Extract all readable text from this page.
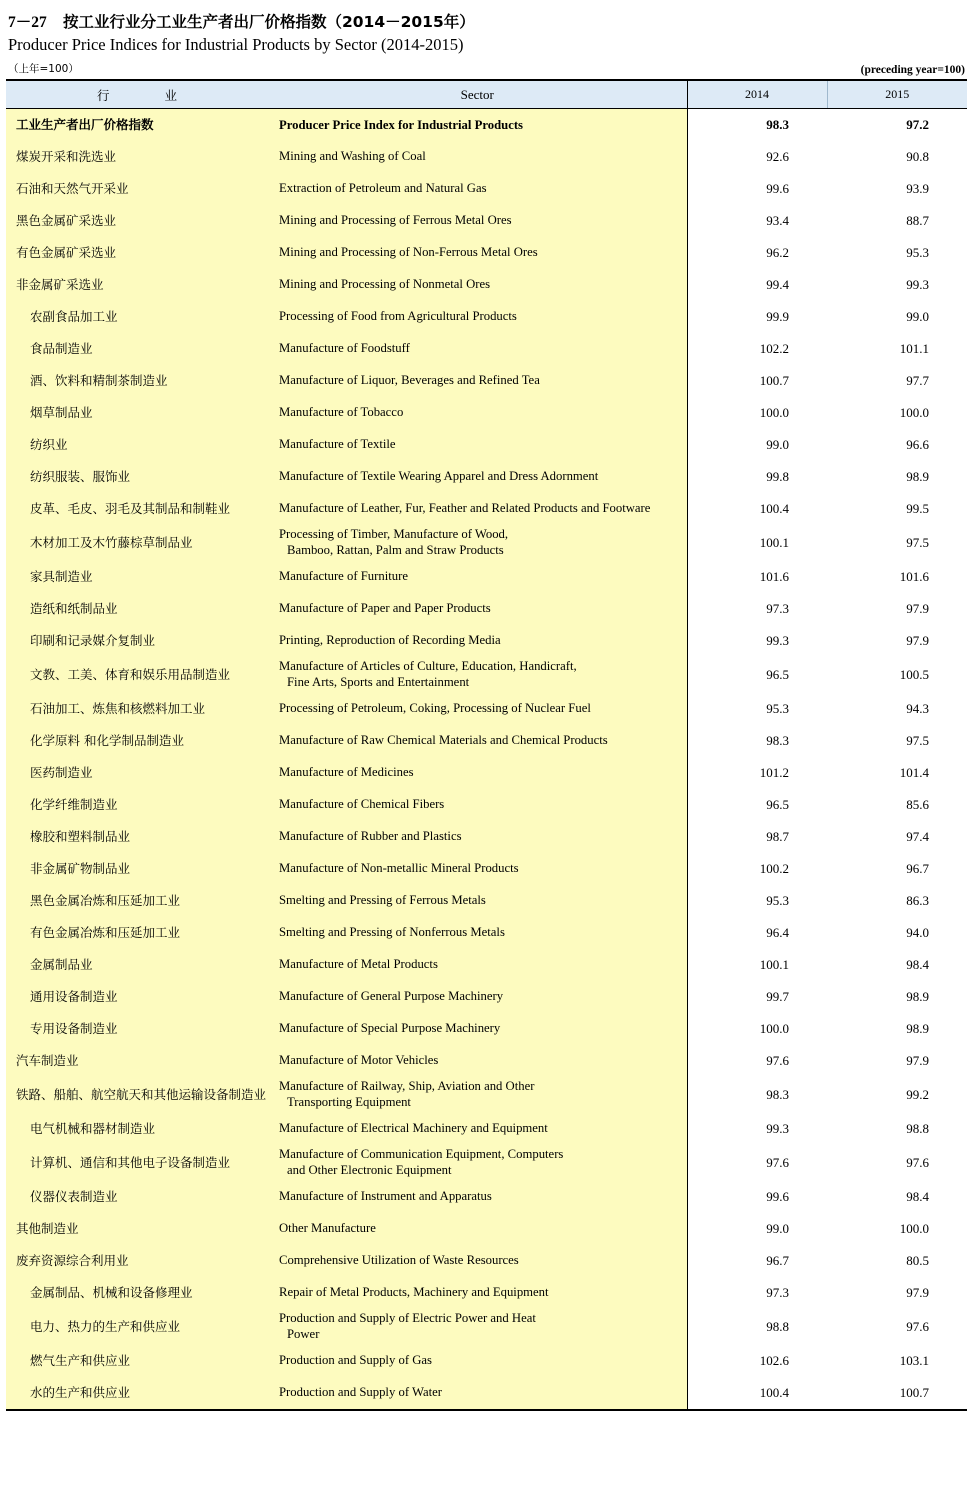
7－27 按工业行业分工业生产者出厂价格指数（2014－2015年）
Producer Price Indices for Industrial Products by Sector (2014-2015)
（上年=100）	(preceding year=100)
行　　业	Sector	2014	2015
工业生产者出厂价格指数	Producer Price Index for Industrial Products	98.3	97.2
煤炭开采和洗选业	Mining and Washing of Coal	92.6	90.8
石油和天然气开采业	Extraction of Petroleum and Natural Gas	99.6	93.9
黑色金属矿采选业	Mining and Processing of Ferrous Metal Ores	93.4	88.7
有色金属矿采选业	Mining and Processing of Non-Ferrous Metal Ores	96.2	95.3
非金属矿采选业	Mining and Processing of Nonmetal Ores	99.4	99.3
农副食品加工业	Processing of Food from Agricultural Products	99.9	99.0
食品制造业	Manufacture of Foodstuff	102.2	101.1
酒、饮料和精制茶制造业	Manufacture of Liquor, Beverages and Refined Tea	100.7	97.7
烟草制品业	Manufacture of Tobacco	100.0	100.0
纺织业	Manufacture of Textile	99.0	96.6
纺织服装、服饰业	Manufacture of Textile Wearing Apparel and Dress Adornment	99.8	98.9
皮革、毛皮、羽毛及其制品和制鞋业	Manufacture of Leather, Fur, Feather and Related Products and Footware	100.4	99.5
木材加工及木竹藤棕草制品业	Processing of Timber, Manufacture of Wood,
Bamboo, Rattan, Palm and Straw Products	100.1	97.5
家具制造业	Manufacture of Furniture	101.6	101.6
造纸和纸制品业	Manufacture of Paper and Paper Products	97.3	97.9
印刷和记录媒介复制业	Printing, Reproduction of Recording Media	99.3	97.9
文教、工美、体育和娱乐用品制造业	Manufacture of Articles of Culture, Education, Handicraft,
Fine Arts, Sports and Entertainment	96.5	100.5
石油加工、炼焦和核燃料加工业	Processing of Petroleum, Coking, Processing of Nuclear Fuel	95.3	94.3
化学原料 和化学制品制造业	Manufacture of Raw Chemical Materials and Chemical Products	98.3	97.5
医药制造业	Manufacture of Medicines	101.2	101.4
化学纤维制造业	Manufacture of Chemical Fibers	96.5	85.6
橡胶和塑料制品业	Manufacture of Rubber and Plastics	98.7	97.4
非金属矿物制品业	Manufacture of Non-metallic Mineral Products	100.2	96.7
黑色金属冶炼和压延加工业	Smelting and Pressing of Ferrous Metals	95.3	86.3
有色金属冶炼和压延加工业	Smelting and Pressing of Nonferrous Metals	96.4	94.0
金属制品业	Manufacture of Metal Products	100.1	98.4
通用设备制造业	Manufacture of General Purpose Machinery	99.7	98.9
专用设备制造业	Manufacture of Special Purpose Machinery	100.0	98.9
汽车制造业	Manufacture of Motor Vehicles	97.6	97.9

铁路、船舶、航空航天和其他运输设备制造业	Manufacture of Railway, Ship, Aviation and Other
Transporting Equipment	98.3	99.2
电气机械和器材制造业	Manufacture of Electrical Machinery and Equipment	99.3	98.8
计算机、通信和其他电子设备制造业	Manufacture of Communication Equipment, Computers
and Other Electronic Equipment	97.6	97.6
仪器仪表制造业	Manufacture of Instrument and Apparatus	99.6	98.4
其他制造业	Other Manufacture	99.0	100.0
废弃资源综合利用业	Comprehensive Utilization of Waste Resources	96.7	80.5
金属制品、机械和设备修理业	Repair of Metal Products, Machinery and Equipment	97.3	97.9
电力、热力的生产和供应业	Production and Supply of Electric Power and Heat
Power	98.8	97.6
燃气生产和供应业	Production and Supply of Gas	102.6	103.1
水的生产和供应业	Production and Supply of Water	100.4	100.7
